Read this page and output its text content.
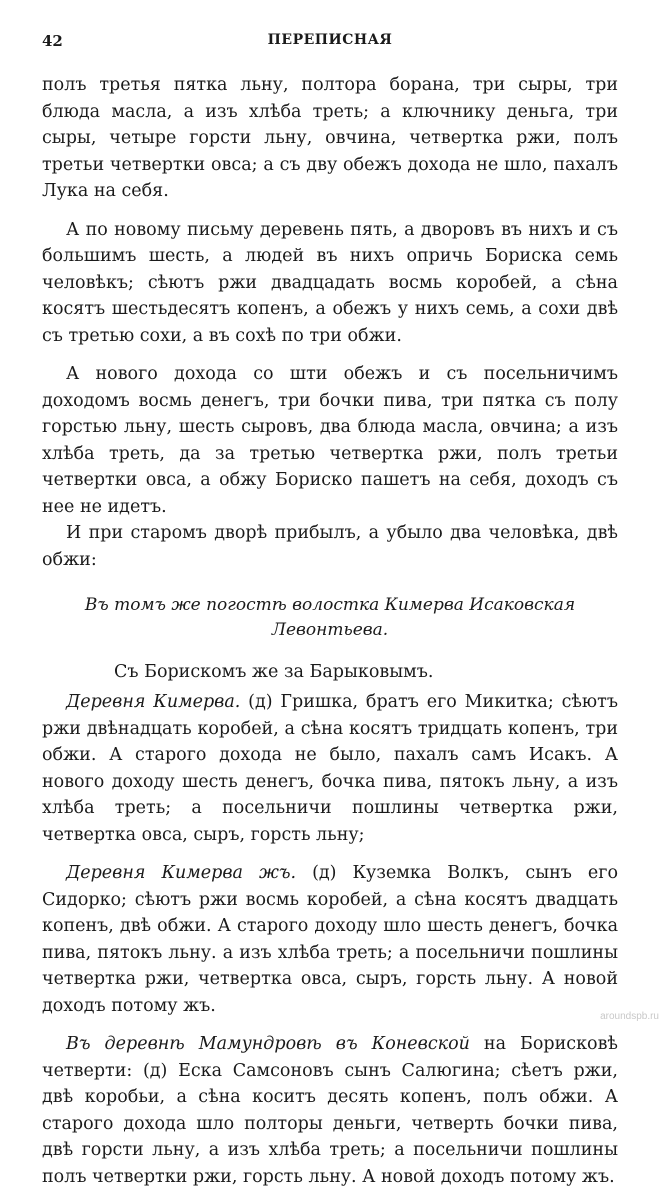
42	ПЕРЕПИСНАЯ

полъ третья пятка льну, полтора борана, три сыры, три блюда масла, а изъ хлѣба треть; а ключнику деньга, три сыры, четыре горсти льну, овчина, четвертка ржи, полъ третьи четвертки овса; а съ дву обежъ дохода не шло, пахалъ Лука на себя.

А по новому письму деревень пять, а дворовъ въ нихъ и съ большимъ шесть, а людей въ нихъ опричь Бориска семь человѣкъ; сѣютъ ржи двадцадать восмь коробей, а сѣна косятъ шестьдесятъ копенъ, а обежъ у нихъ семь, а сохи двѣ съ третью сохи, а въ сохѣ по три обжи.

А нового дохода со шти обежъ и съ посельничимъ доходомъ восмь денегъ, три бочки пива, три пятка съ полу горстью льну, шесть сыровъ, два блюда масла, овчина; а изъ хлѣба треть, да за третью четвертка ржи, полъ третьи четвертки овса, а обжу Бориско пашетъ на себя, доходъ съ нее не идетъ.

И при старомъ дворѣ прибылъ, а убыло два человѣка, двѣ обжи:

Въ томъ же погостѣ волостка Кимерва Исаковская Левонтьева.
Съ Борискомъ же за Барыковымъ.

Деревня Кимерва. (д) Гришка, братъ его Микитка; сѣютъ ржи двѣнадцать коробей, а сѣна косятъ тридцать копенъ, три обжи. А старого дохода не было, пахалъ самъ Исакъ. А нового доходу шесть денегъ, бочка пива, пятокъ льну, а изъ хлѣба треть; а посельничи пошлины четвертка ржи, четвертка овса, сыръ, горсть льну;

Деревня Кимерва жъ. (д) Куземка Волкъ, сынъ его Сидорко; сѣютъ ржи восмь коробей, а сѣна косятъ двадцать копенъ, двѣ обжи. А старого доходу шло шесть денегъ, бочка пива, пятокъ льну. а изъ хлѣба треть; а посельничи пошлины четвертка ржи, четвертка овса, сыръ, горсть льну. А новой доходъ потому жъ.

Въ деревнѣ Мамундровѣ въ Коневской на Борисковѣ четверти: (д) Еска Самсоновъ сынъ Салюгина; сѣетъ ржи, двѣ коробьи, а сѣна коситъ десять копенъ, полъ обжи. А старого дохода шло полторы деньги, четверть бочки пива, двѣ горсти льну, а изъ хлѣба треть; а посельничи пошлины полъ четвертки ржи, горсть льну. А новой доходъ потому жъ.

aroundspb.ru
